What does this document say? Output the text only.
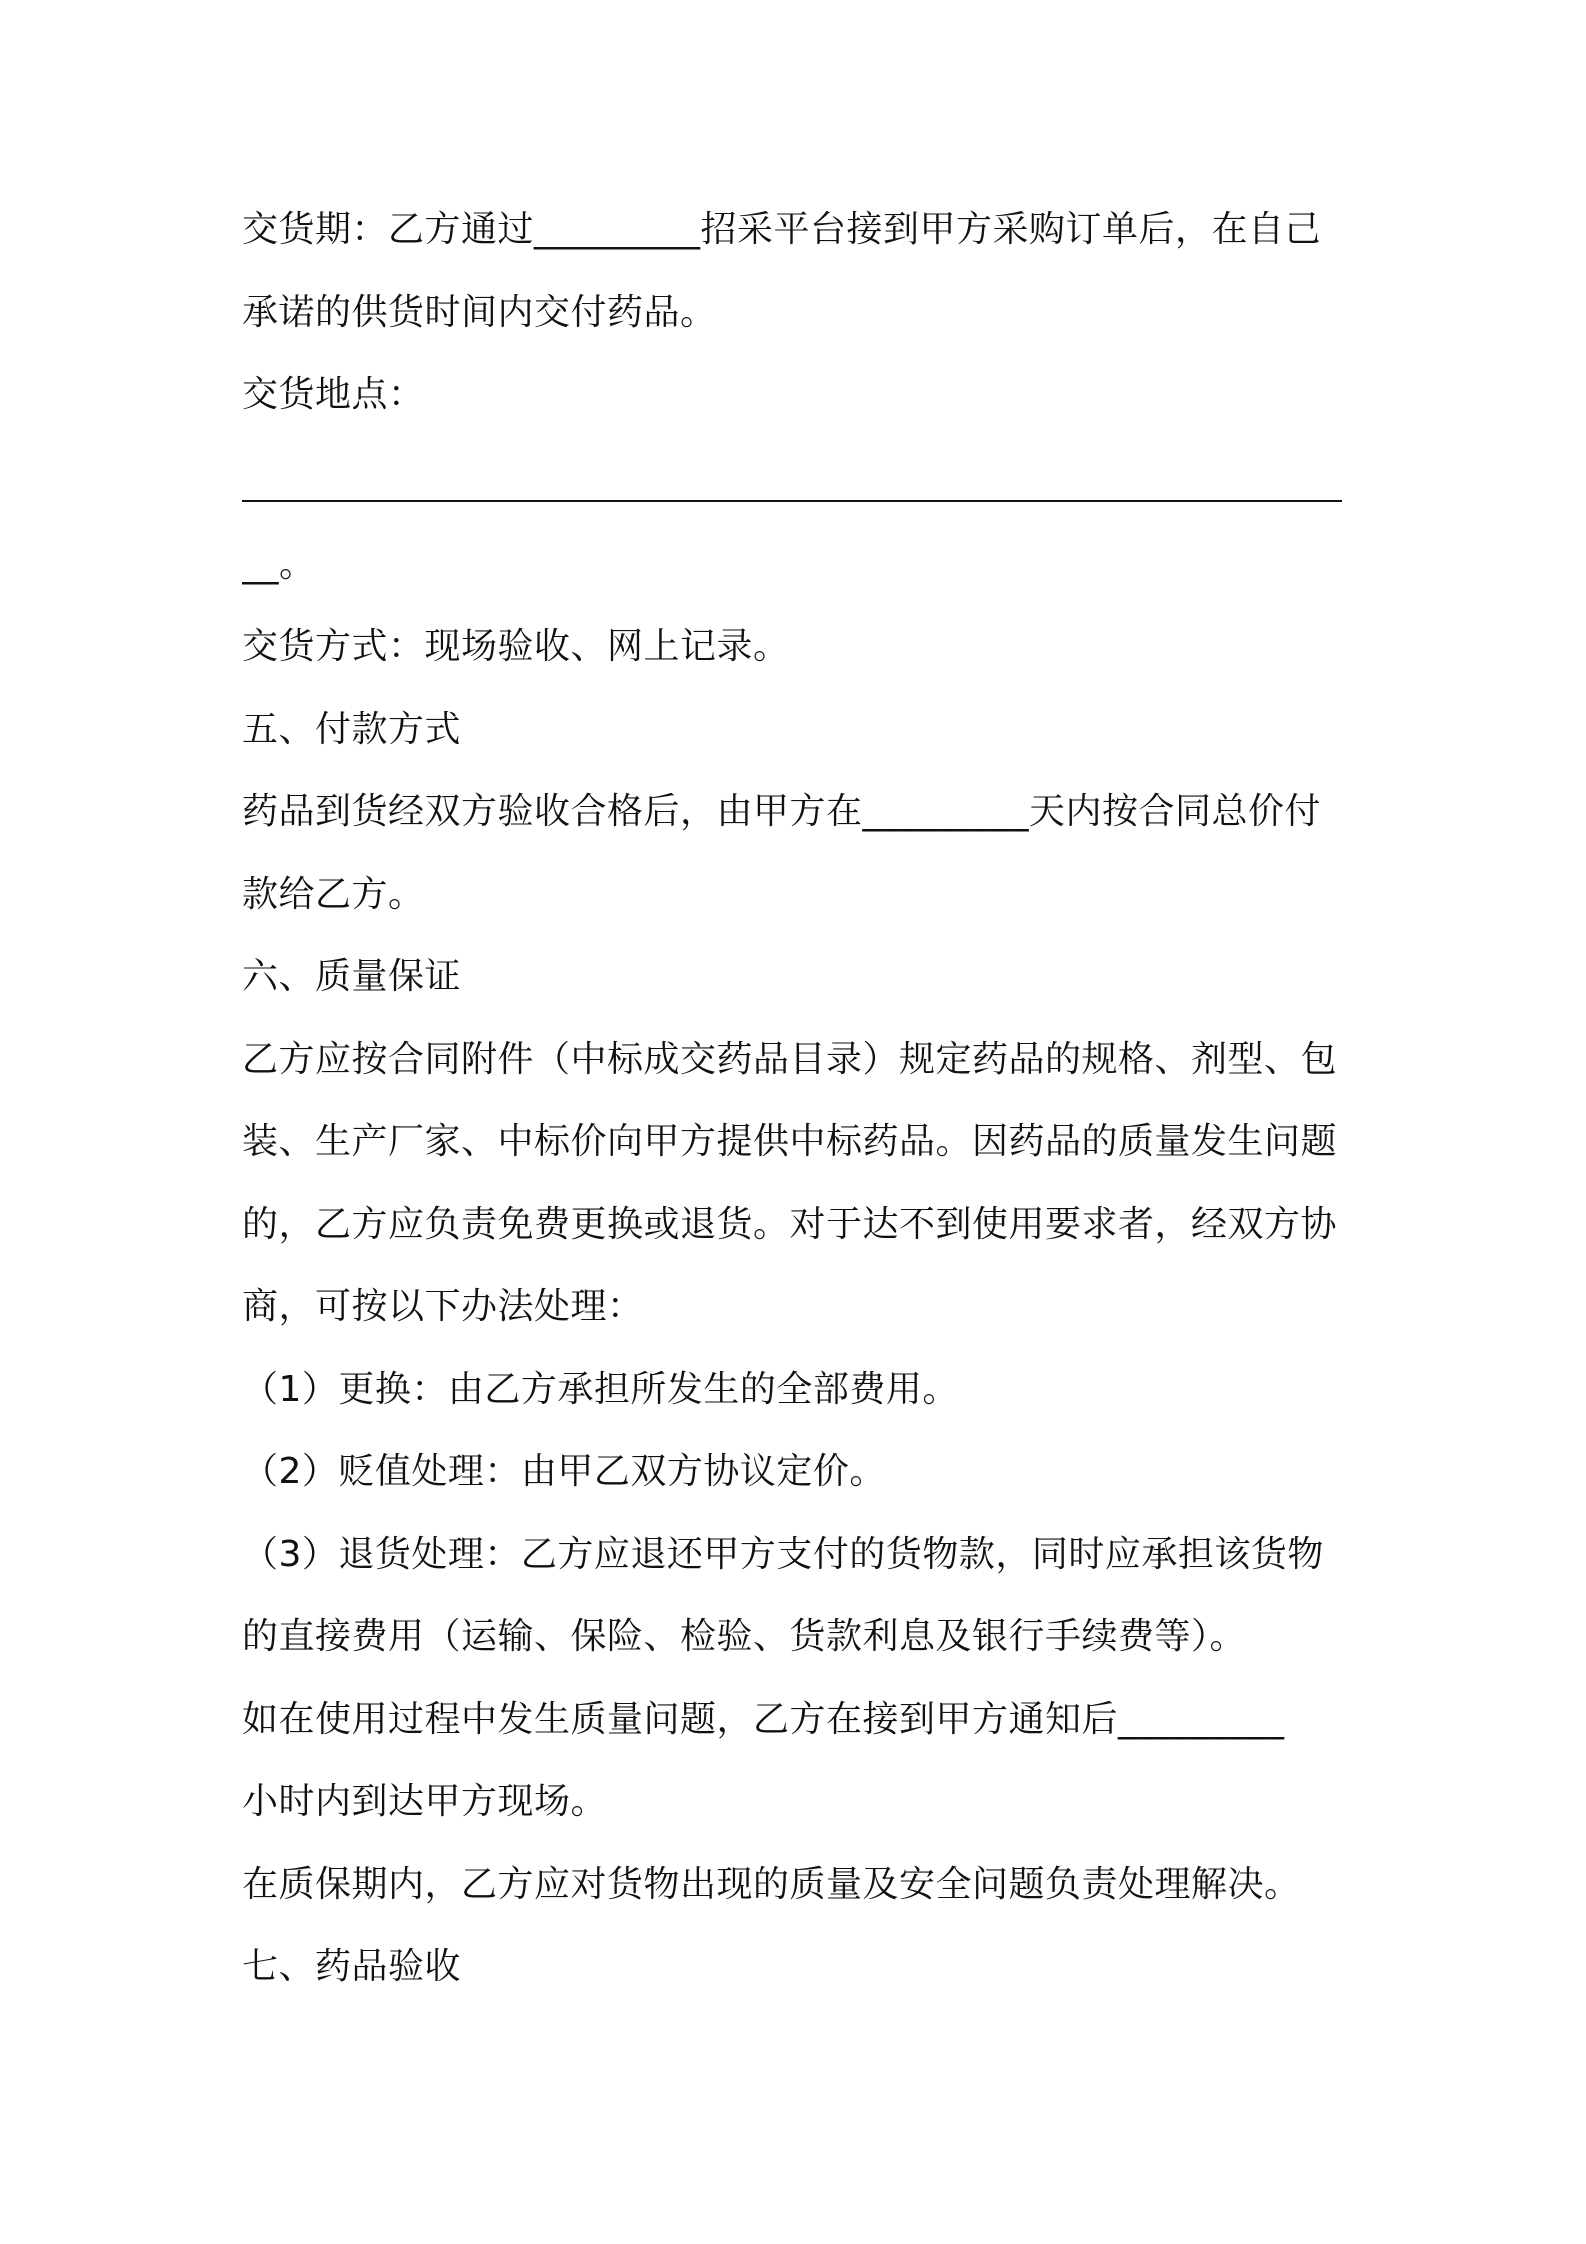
交货期：乙方通过_________招采平台接到甲方采购订单后，在自己
承诺的供货时间内交付药品。
交货地点：
__。
交货方式：现场验收、网上记录。
五、付款方式
药品到货经双方验收合格后，由甲方在_________天内按合同总价付
款给乙方。
六、质量保证
乙方应按合同附件（中标成交药品目录）规定药品的规格、剂型、包
装、生产厂家、中标价向甲方提供中标药品。因药品的质量发生问题
的，乙方应负责免费更换或退货。对于达不到使用要求者，经双方协
商，可按以下办法处理：
（1）更换：由乙方承担所发生的全部费用。
（2）贬值处理：由甲乙双方协议定价。
（3）退货处理：乙方应退还甲方支付的货物款，同时应承担该货物
的直接费用（运输、保险、检验、货款利息及银行手续费等）。
如在使用过程中发生质量问题，乙方在接到甲方通知后_________
小时内到达甲方现场。
在质保期内，乙方应对货物出现的质量及安全问题负责处理解决。
七、药品验收
